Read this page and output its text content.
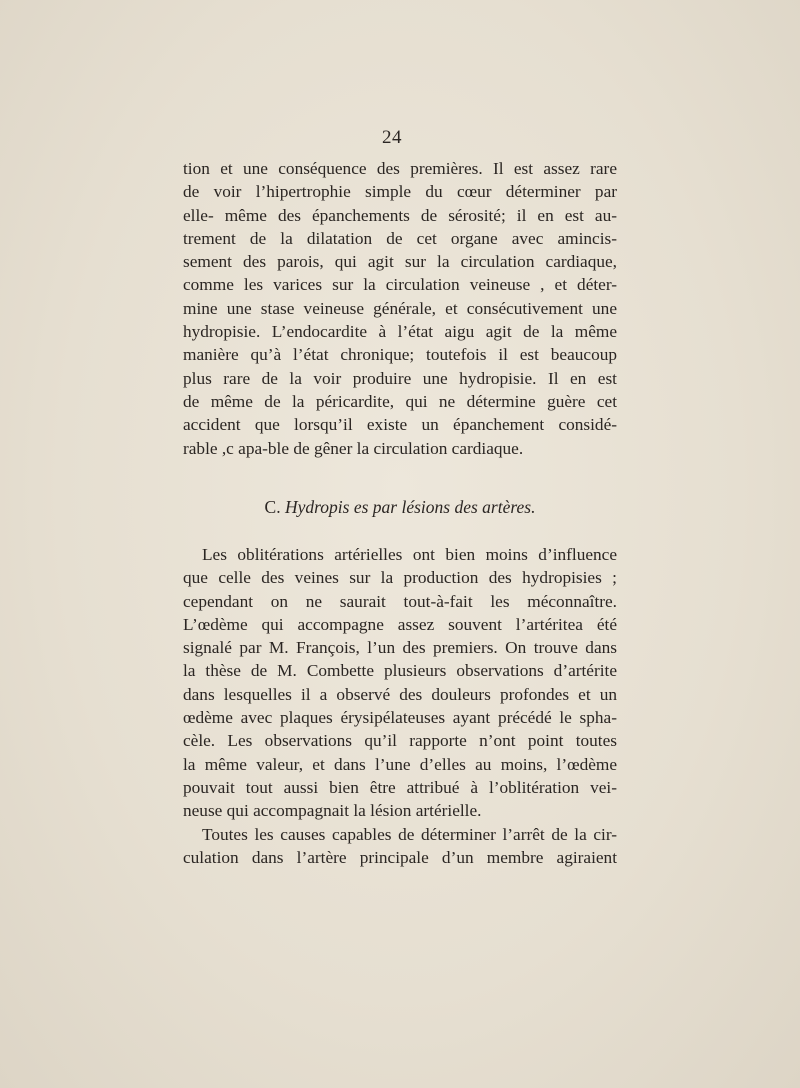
24
tion et une conséquence des premières. Il est assez rare
de voir l’hipertrophie simple du cœur déterminer par
elle- même des épanchements de sérosité; il en est au-
trement de la dilatation de cet organe avec amincis-
sement des parois, qui agit sur la circulation cardiaque,
comme les varices sur la circulation veineuse , et déter-
mine une stase veineuse générale, et consécutivement une
hydropisie. L’endocardite à l’état aigu agit de la même
manière qu’à l’état chronique; toutefois il est beaucoup
plus rare de la voir produire une hydropisie. Il en est
de même de la péricardite, qui ne détermine guère cet
accident que lorsqu’il existe un épanchement considé-
rable ,c apa-ble de gêner la circulation cardiaque.
C. Hydropis es par lésions des artères.
Les oblitérations artérielles ont bien moins d’influence
que celle des veines sur la production des hydropisies ;
cependant on ne saurait tout-à-fait les méconnaître.
L’œdème qui accompagne assez souvent l’artéritea été
signalé par M. François, l’un des premiers. On trouve dans
la thèse de M. Combette plusieurs observations d’artérite
dans lesquelles il a observé des douleurs profondes et un
œdème avec plaques érysipélateuses ayant précédé le spha-
cèle. Les observations qu’il rapporte n’ont point toutes
la même valeur, et dans l’une d’elles au moins, l’œdème
pouvait tout aussi bien être attribué à l’oblitération vei-
neuse qui accompagnait la lésion artérielle.
Toutes les causes capables de déterminer l’arrêt de la cir-
culation dans l’artère principale d’un membre agiraient
